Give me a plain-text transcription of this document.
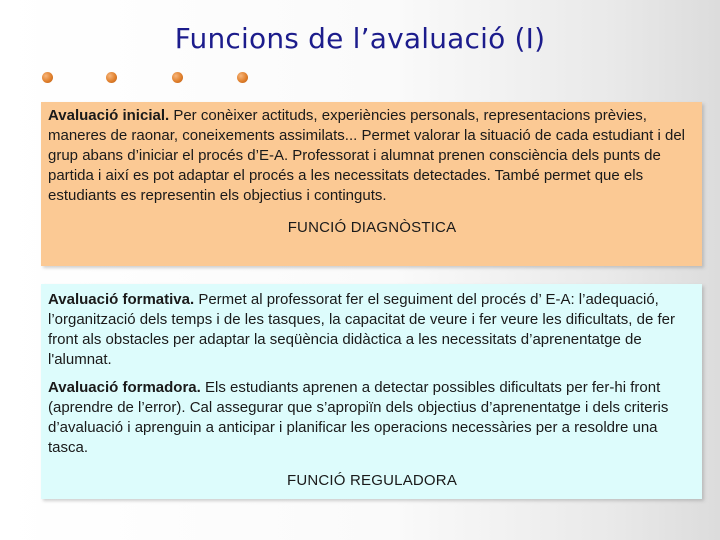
Funcions de l’avaluació (I)

Avaluació inicial. Per conèixer actituds, experiències personals, representacions prèvies, maneres de raonar, coneixements assimilats... Permet valorar la situació de cada estudiant i del grup abans d’iniciar el procés d’E-A. Professorat i alumnat prenen consciència dels punts de partida i així es pot adaptar el procés a les necessitats detectades. També permet que els estudiants es representin els objectius i continguts.

FUNCIÓ DIAGNÒSTICA

Avaluació formativa. Permet al professorat fer el seguiment del procés d’ E-A: l’adequació, l’organització dels temps i de les tasques, la capacitat de veure i fer veure les dificultats, de fer front als obstacles per adaptar la seqüència didàctica a les necessitats d’aprenentatge de l'alumnat.

Avaluació formadora. Els estudiants aprenen a detectar possibles dificultats per fer-hi front (aprendre de l’error). Cal assegurar que s’apropiïn dels objectius d’aprenentatge i dels criteris d’avaluació i aprenguin a anticipar i planificar les operacions necessàries per a resoldre una tasca.

FUNCIÓ REGULADORA
